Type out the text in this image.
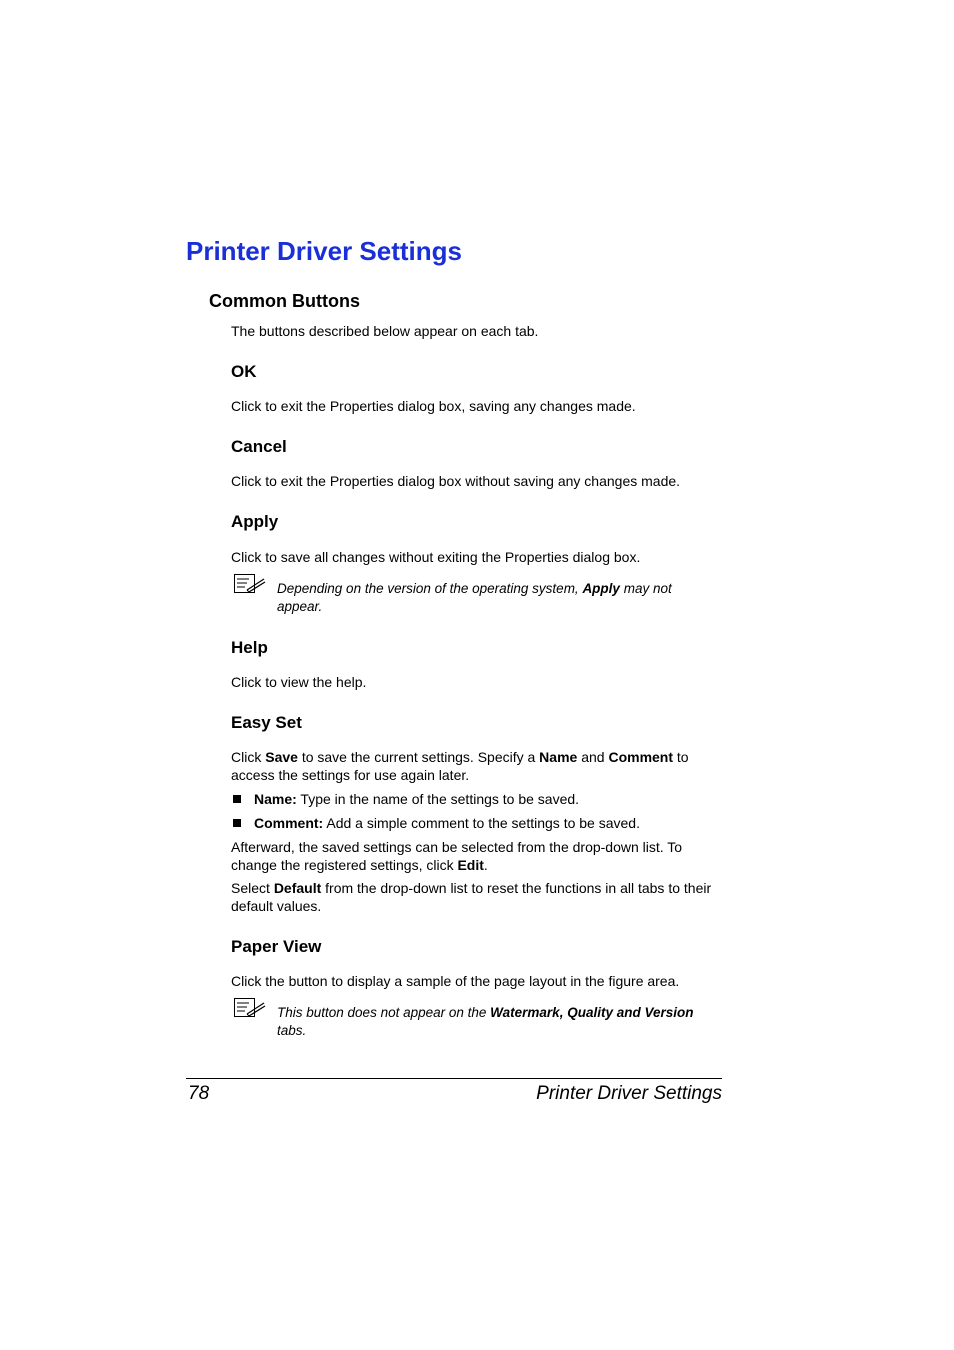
Printer Driver Settings
Common Buttons

The buttons described below appear on each tab.

OK

Click to exit the Properties dialog box, saving any changes made.

Cancel

Click to exit the Properties dialog box without saving any changes made.

Apply

Click to save all changes without exiting the Properties dialog box.

Depending on the version of the operating system, Apply may not appear.

Help

Click to view the help.

Easy Set

Click Save to save the current settings. Specify a Name and Comment to access the settings for use again later.

Name: Type in the name of the settings to be saved.

Comment: Add a simple comment to the settings to be saved.

Afterward, the saved settings can be selected from the drop-down list. To change the registered settings, click Edit.

Select Default from the drop-down list to reset the functions in all tabs to their default values.

Paper View

Click the button to display a sample of the page layout in the figure area.

This button does not appear on the Watermark, Quality and Version tabs.

78	Printer Driver Settings
